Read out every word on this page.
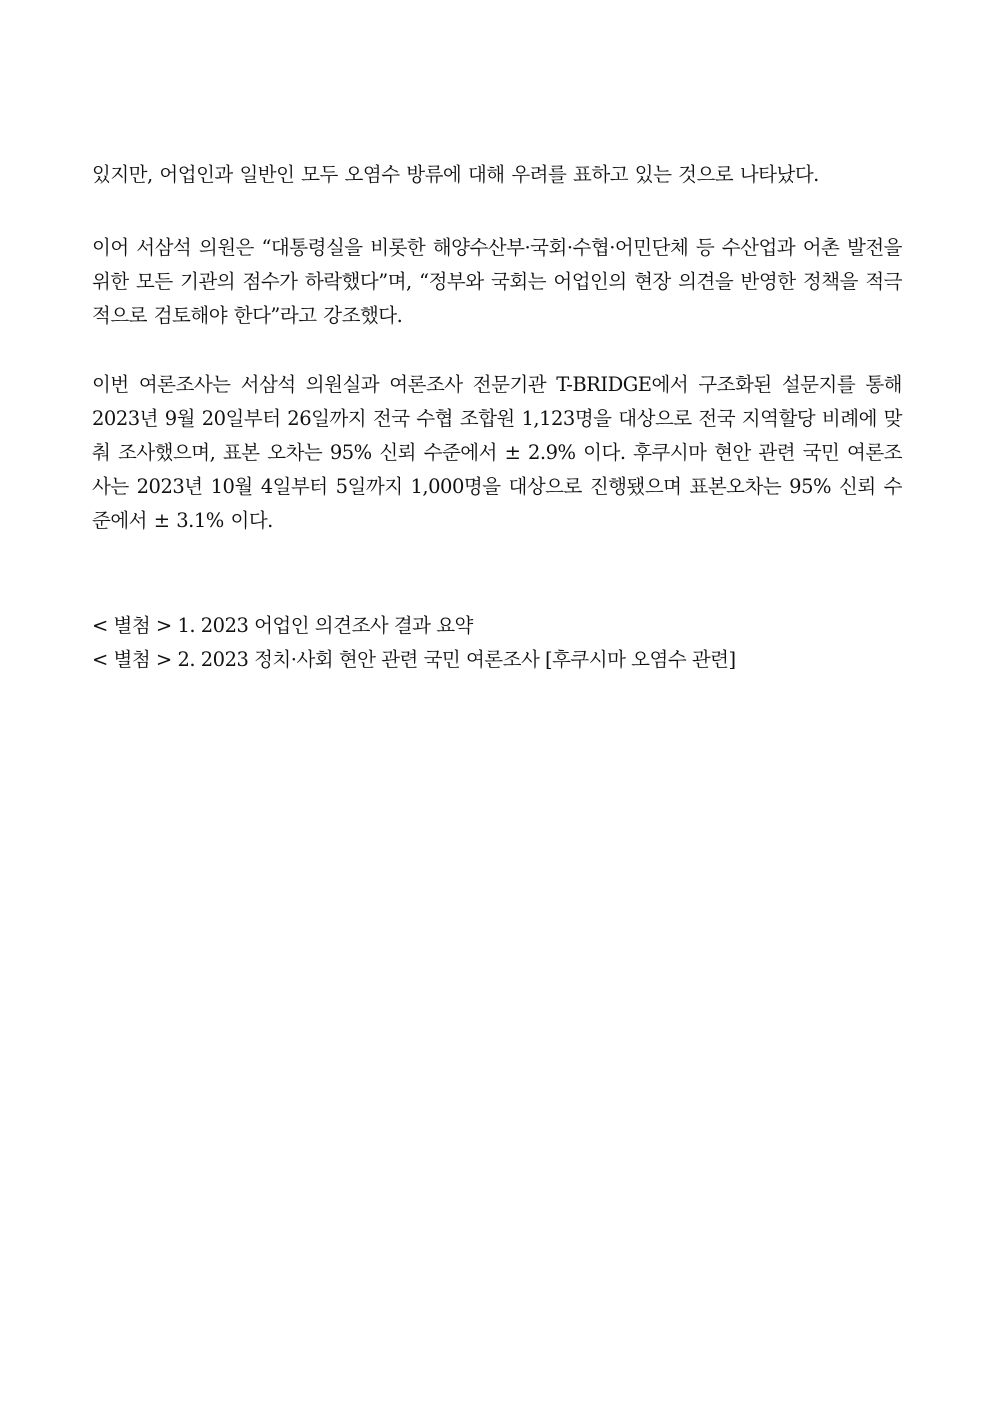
있지만, 어업인과 일반인 모두 오염수 방류에 대해 우려를 표하고 있는 것으로 나타났다.

이어 서삼석 의원은 “대통령실을 비롯한 해양수산부·국회·수협·어민단체 등 수산업과 어촌 발전을 위한 모든 기관의 점수가 하락했다”며, “정부와 국회는 어업인의 현장 의견을 반영한 정책을 적극적으로 검토해야 한다”라고 강조했다.

이번 여론조사는 서삼석 의원실과 여론조사 전문기관 T-BRIDGE에서 구조화된 설문지를 통해 2023년 9월 20일부터 26일까지 전국 수협 조합원 1,123명을 대상으로 전국 지역할당 비례에 맞춰 조사했으며, 표본 오차는 95% 신뢰 수준에서 ± 2.9% 이다. 후쿠시마 현안 관련 국민 여론조사는 2023년 10월 4일부터 5일까지 1,000명을 대상으로 진행됐으며 표본오차는 95% 신뢰 수준에서 ± 3.1% 이다.

< 별첨 > 1. 2023 어업인 의견조사 결과 요약

< 별첨 > 2. 2023 정치·사회 현안 관련 국민 여론조사 [후쿠시마 오염수 관련]
